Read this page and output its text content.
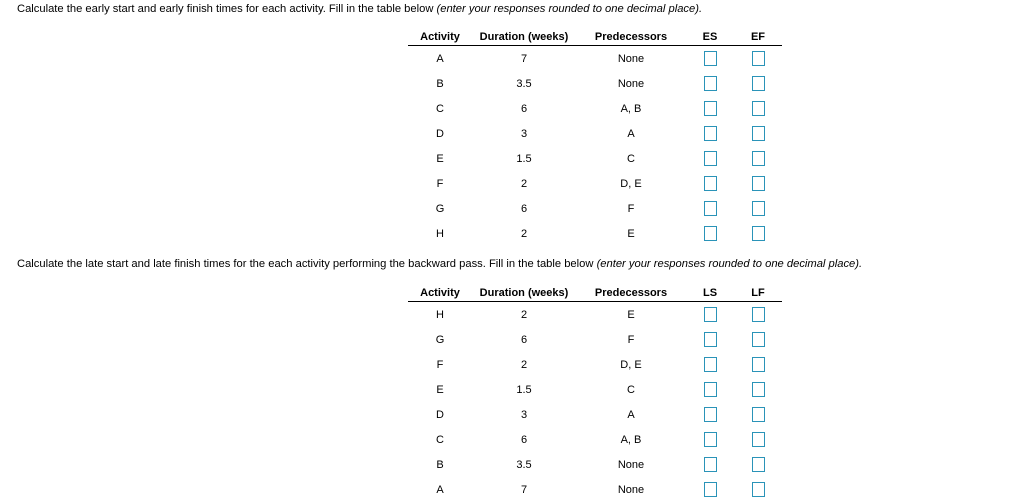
Calculate the early start and early finish times for each activity. Fill in the table below (enter your responses rounded to one decimal place).
Activity	Duration (weeks)	Predecessors	ES	EF
A	7	None
B	3.5	None
C	6	A, B
D	3	A
E	1.5	C
F	2	D, E
G	6	F
H	2	E
Calculate the late start and late finish times for the each activity performing the backward pass. Fill in the table below (enter your responses rounded to one decimal place).
Activity	Duration (weeks)	Predecessors	LS	LF
H	2	E
G	6	F
F	2	D, E
E	1.5	C
D	3	A
C	6	A, B
B	3.5	None
A	7	None
